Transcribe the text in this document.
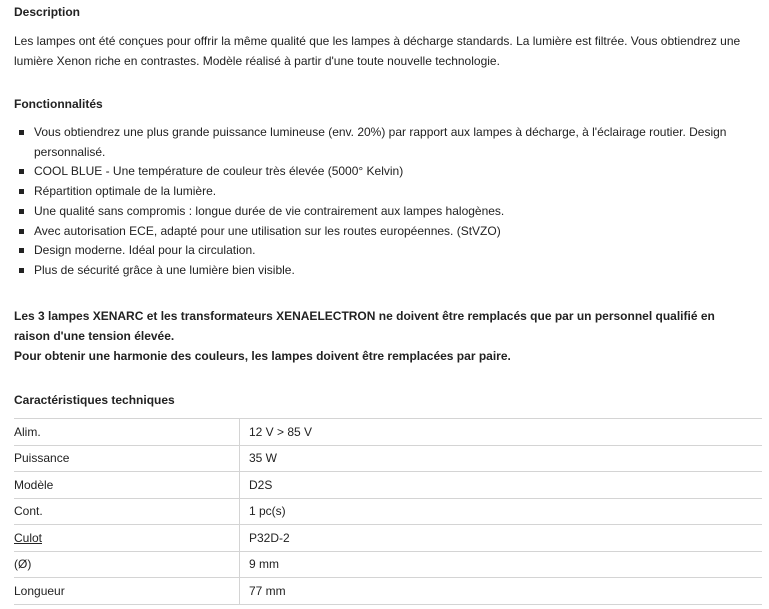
Description

Les lampes ont été conçues pour offrir la même qualité que les lampes à décharge standards. La lumière est filtrée. Vous obtiendrez une lumière Xenon riche en contrastes. Modèle réalisé à partir d'une toute nouvelle technologie.

Fonctionnalités
Vous obtiendrez une plus grande puissance lumineuse (env. 20%) par rapport aux lampes à décharge, à l'éclairage routier. Design personnalisé.
COOL BLUE - Une température de couleur très élevée (5000° Kelvin)
Répartition optimale de la lumière.
Une qualité sans compromis : longue durée de vie contrairement aux lampes halogènes.
Avec autorisation ECE, adapté pour une utilisation sur les routes européennes. (StVZO)
Design moderne. Idéal pour la circulation.
Plus de sécurité grâce à une lumière bien visible.
Les 3 lampes XENARC et les transformateurs XENAELECTRON ne doivent être remplacés que par un personnel qualifié en raison d'une tension élevée.
Pour obtenir une harmonie des couleurs, les lampes doivent être remplacées par paire.
Caractéristiques techniques
Alim.	12 V > 85 V
Puissance	35 W
Modèle	D2S
Cont.	1 pc(s)
Culot	P32D-2
(Ø)	9 mm
Longueur	77 mm
